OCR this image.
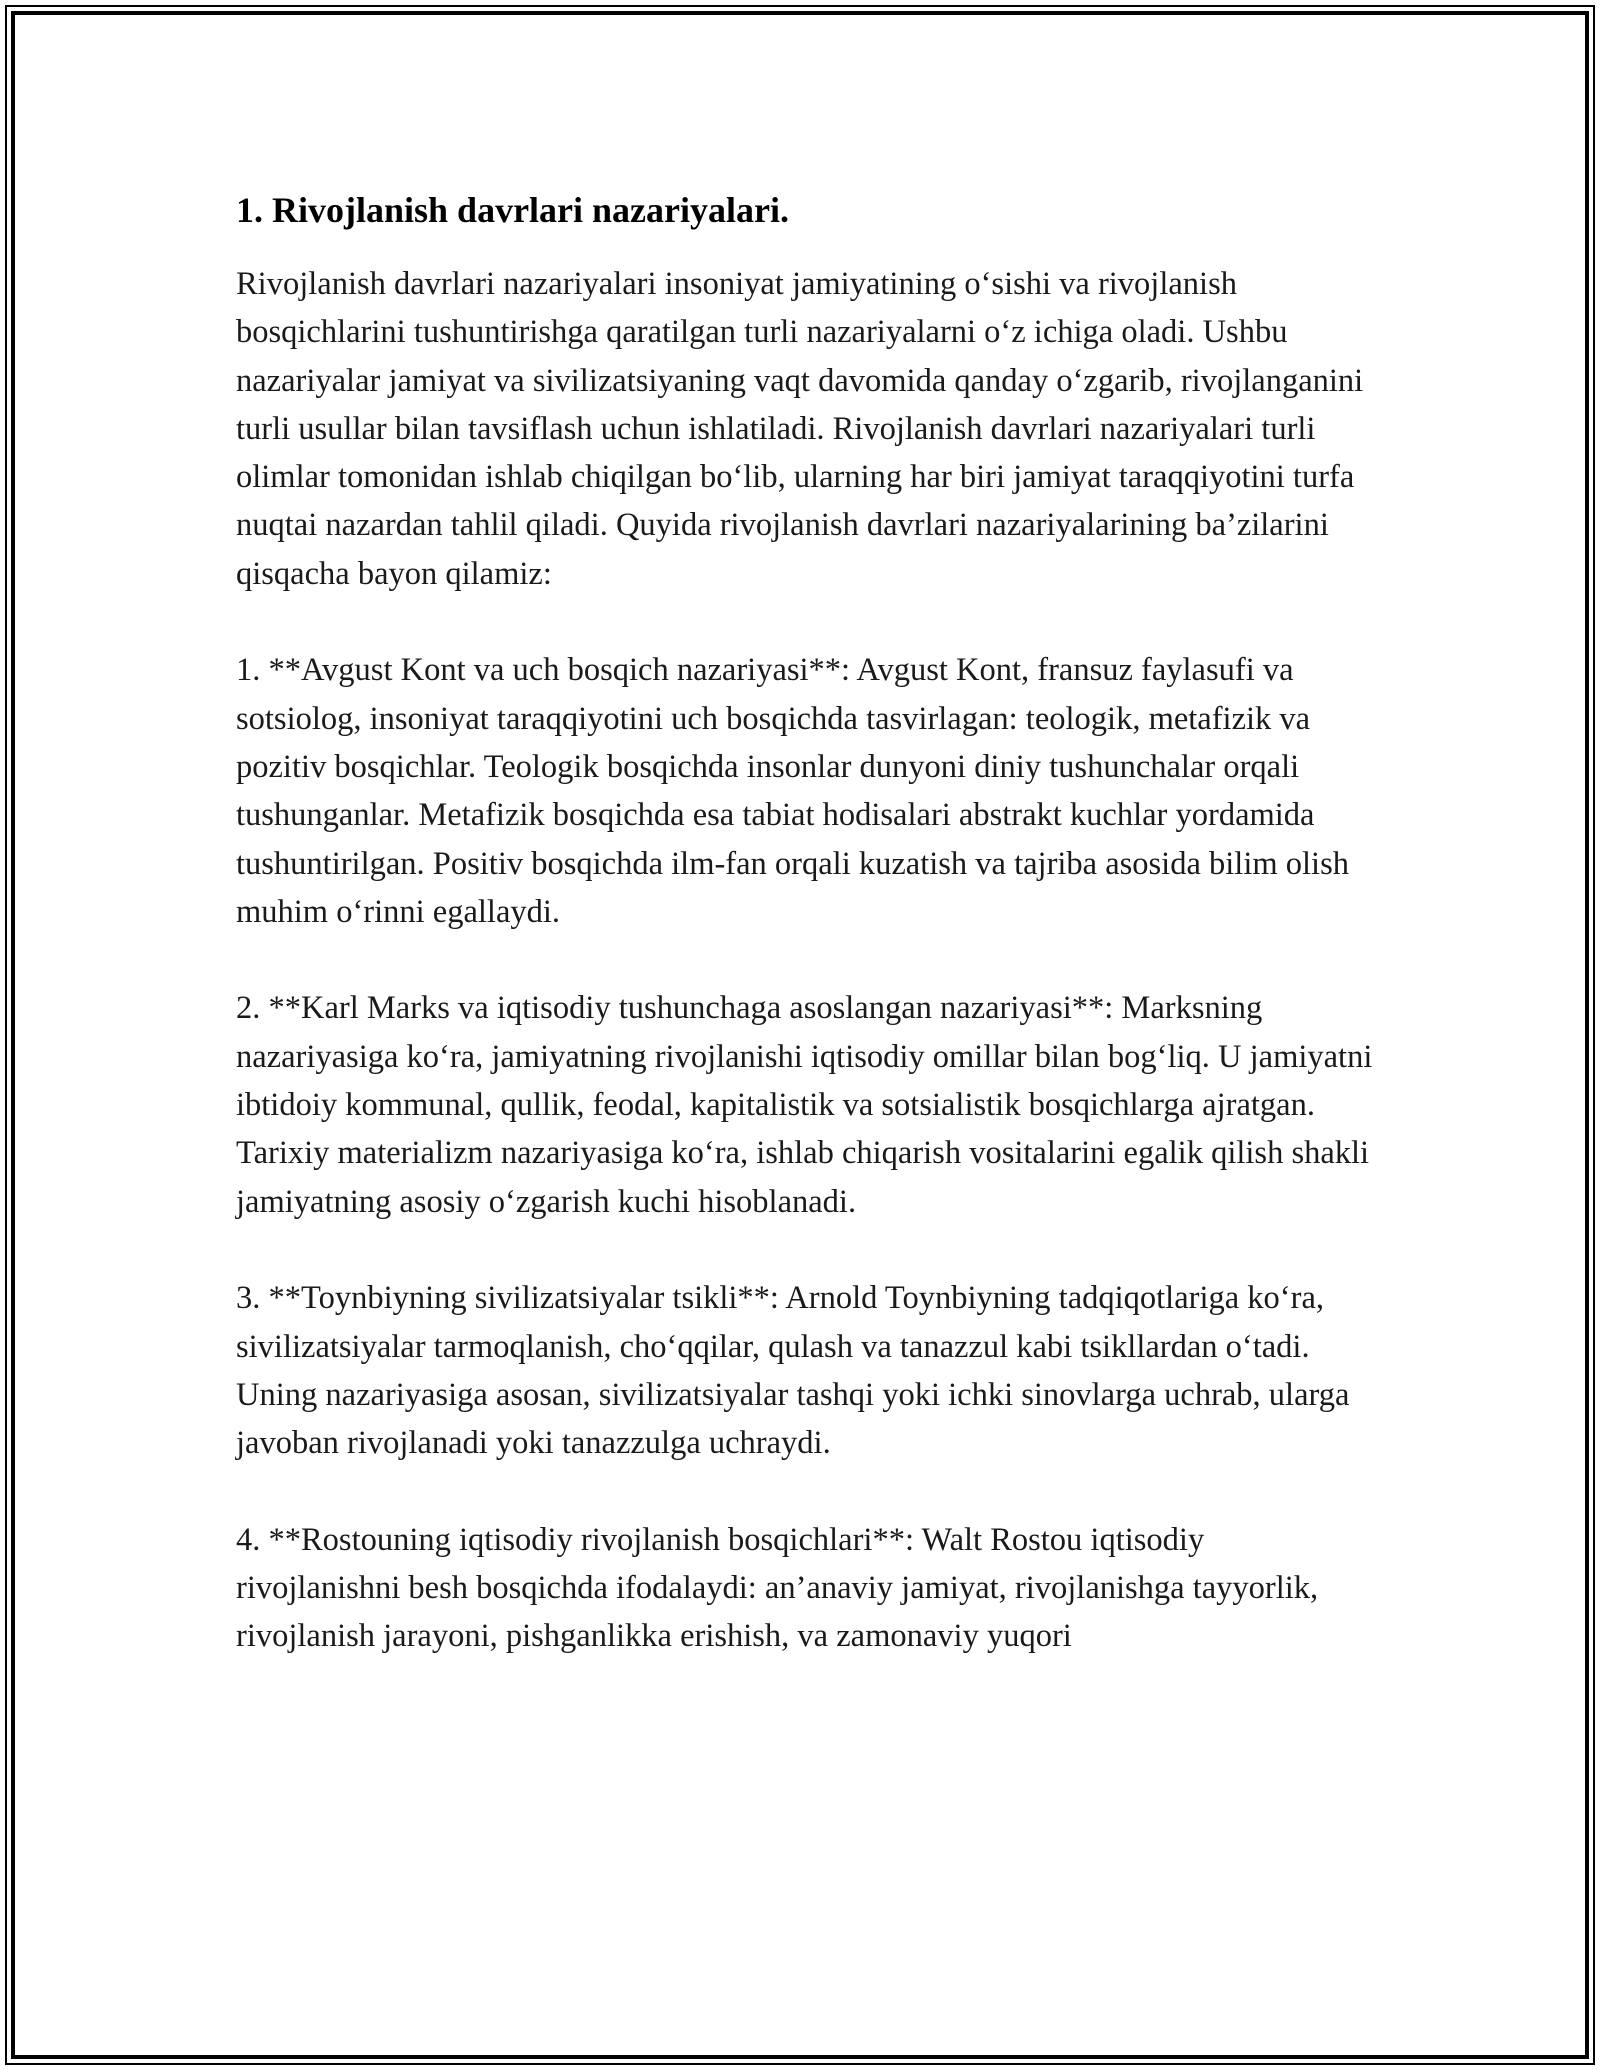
1. Rivojlanish davrlari nazariyalari.

Rivojlanish davrlari nazariyalari insoniyat jamiyatining o‘sishi va rivojlanish bosqichlarini tushuntirishga qaratilgan turli nazariyalarni o‘z ichiga oladi. Ushbu nazariyalar jamiyat va sivilizatsiyaning vaqt davomida qanday o‘zgarib, rivojlanganini turli usullar bilan tavsiflash uchun ishlatiladi. Rivojlanish davrlari nazariyalari turli olimlar tomonidan ishlab chiqilgan bo‘lib, ularning har biri jamiyat taraqqiyotini turfa nuqtai nazardan tahlil qiladi. Quyida rivojlanish davrlari nazariyalarining ba’zilarini qisqacha bayon qilamiz:

1. **Avgust Kont va uch bosqich nazariyasi**: Avgust Kont, fransuz faylasufi va sotsiolog, insoniyat taraqqiyotini uch bosqichda tasvirlagan: teologik, metafizik va pozitiv bosqichlar. Teologik bosqichda insonlar dunyoni diniy tushunchalar orqali tushunganlar. Metafizik bosqichda esa tabiat hodisalari abstrakt kuchlar yordamida tushuntirilgan. Positiv bosqichda ilm-fan orqali kuzatish va tajriba asosida bilim olish muhim o‘rinni egallaydi.

2. **Karl Marks va iqtisodiy tushunchaga asoslangan nazariyasi**: Marksning nazariyasiga ko‘ra, jamiyatning rivojlanishi iqtisodiy omillar bilan bog‘liq. U jamiyatni ibtidoiy kommunal, qullik, feodal, kapitalistik va sotsialistik bosqichlarga ajratgan. Tarixiy materializm nazariyasiga ko‘ra, ishlab chiqarish vositalarini egalik qilish shakli jamiyatning asosiy o‘zgarish kuchi hisoblanadi.

3. **Toynbiyning sivilizatsiyalar tsikli**: Arnold Toynbiyning tadqiqotlariga ko‘ra, sivilizatsiyalar tarmoqlanish, cho‘qqilar, qulash va tanazzul kabi tsikllardan o‘tadi. Uning nazariyasiga asosan, sivilizatsiyalar tashqi yoki ichki sinovlarga uchrab, ularga javoban rivojlanadi yoki tanazzulga uchraydi.

4. **Rostouning iqtisodiy rivojlanish bosqichlari**: Walt Rostou iqtisodiy rivojlanishni besh bosqichda ifodalaydi: an’anaviy jamiyat, rivojlanishga tayyorlik, rivojlanish jarayoni, pishganlikka erishish, va zamonaviy yuqori
